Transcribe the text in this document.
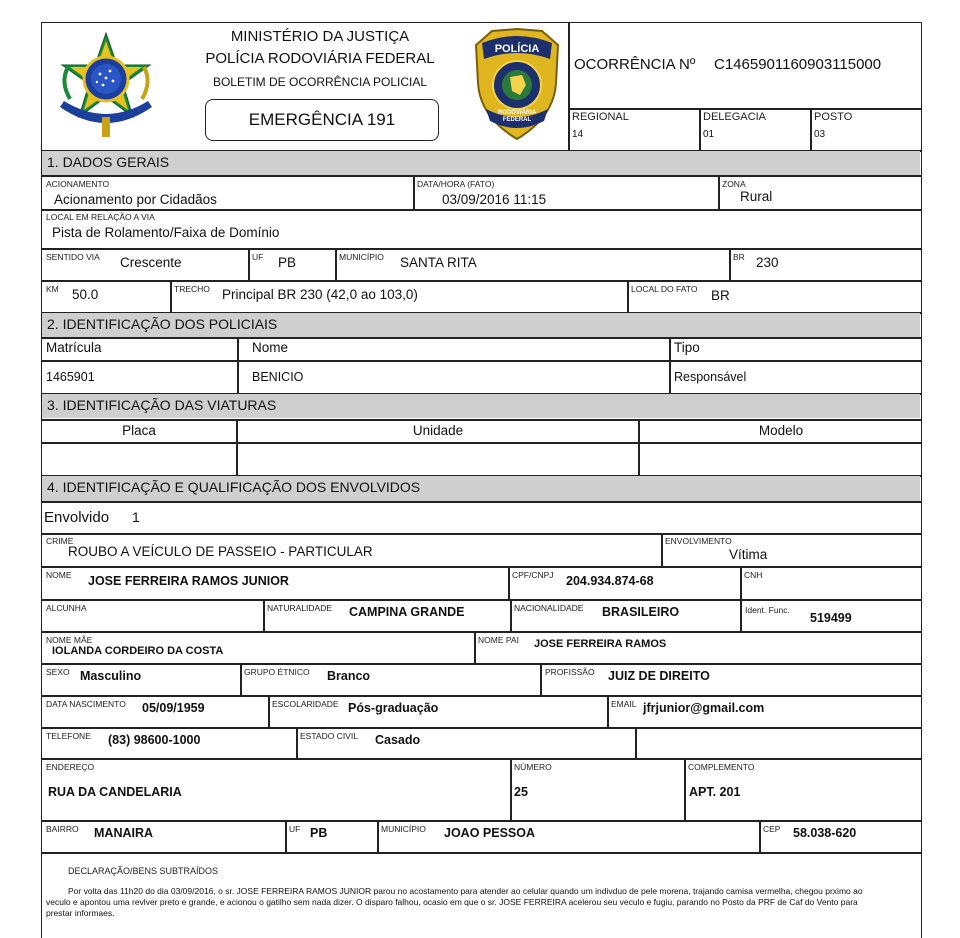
MINISTÉRIO DA JUSTIÇA
POLÍCIA RODOVIÁRIA FEDERAL
BOLETIM DE OCORRÊNCIA POLICIAL
EMERGÊNCIA 191
POLÍCIA
RODOVIÁRIA FEDERAL
OCORRÊNCIA Nº C1465901160903115000
REGIONAL
14
DELEGACIA
01
POSTO
03
1. DADOS GERAIS
ACIONAMENTO
Acionamento por Cidadãos
DATA/HORA (FATO)
03/09/2016 11:15
ZONA
Rural
LOCAL EM RELAÇÃO A VIA
Pista de Rolamento/Faixa de Domínio
SENTIDO VIA Crescente	UF PB	MUNICÍPIO SANTA RITA	BR 230
KM 50.0	TRECHO Principal BR 230 (42,0 ao 103,0)	LOCAL DO FATO BR
2. IDENTIFICAÇÃO DOS POLICIAIS
Matrícula	Nome	Tipo
1465901	BENICIO	Responsável
3. IDENTIFICAÇÃO DAS VIATURAS
Placa	Unidade	Modelo
4. IDENTIFICAÇÃO E QUALIFICAÇÃO DOS ENVOLVIDOS
Envolvido 1
CRIME
ROUBO A VEÍCULO DE PASSEIO - PARTICULAR
ENVOLVIMENTO
Vítima
NOME JOSE FERREIRA RAMOS JUNIOR	CPF/CNPJ 204.934.874-68	CNH
ALCUNHA	NATURALIDADE CAMPINA GRANDE	NACIONALIDADE BRASILEIRO	Ident. Func.
519499
NOME MÃE
IOLANDA CORDEIRO DA COSTA
NOME PAI JOSE FERREIRA RAMOS
SEXO Masculino	GRUPO ÉTNICO Branco	PROFISSÃO JUIZ DE DIREITO
DATA NASCIMENTO 05/09/1959	ESCOLARIDADE Pós-graduação	EMAIL jfrjunior@gmail.com
TELEFONE (83) 98600-1000	ESTADO CIVIL Casado
ENDEREÇO
RUA DA CANDELARIA
NÚMERO
25
COMPLEMENTO
APT. 201
BAIRRO MANAIRA	UF PB	MUNICÍPIO JOAO PESSOA	CEP 58.038-620
DECLARAÇÃO/BENS SUBTRAÍDOS
Por volta das 11h20 do dia 03/09/2016, o sr. JOSE FERREIRA RAMOS JUNIOR parou no acostamento para atender ao celular quando um indivduo de pele morena, trajando camisa vermelha, chegou prximo ao veculo e apontou uma revlver preto e grande, e acionou o gatilho sem nada dizer. O disparo falhou, ocasio em que o sr. JOSE FERREIRA acelerou seu veculo e fugiu, parando no Posto da PRF de Caf do Vento para prestar informaes.
